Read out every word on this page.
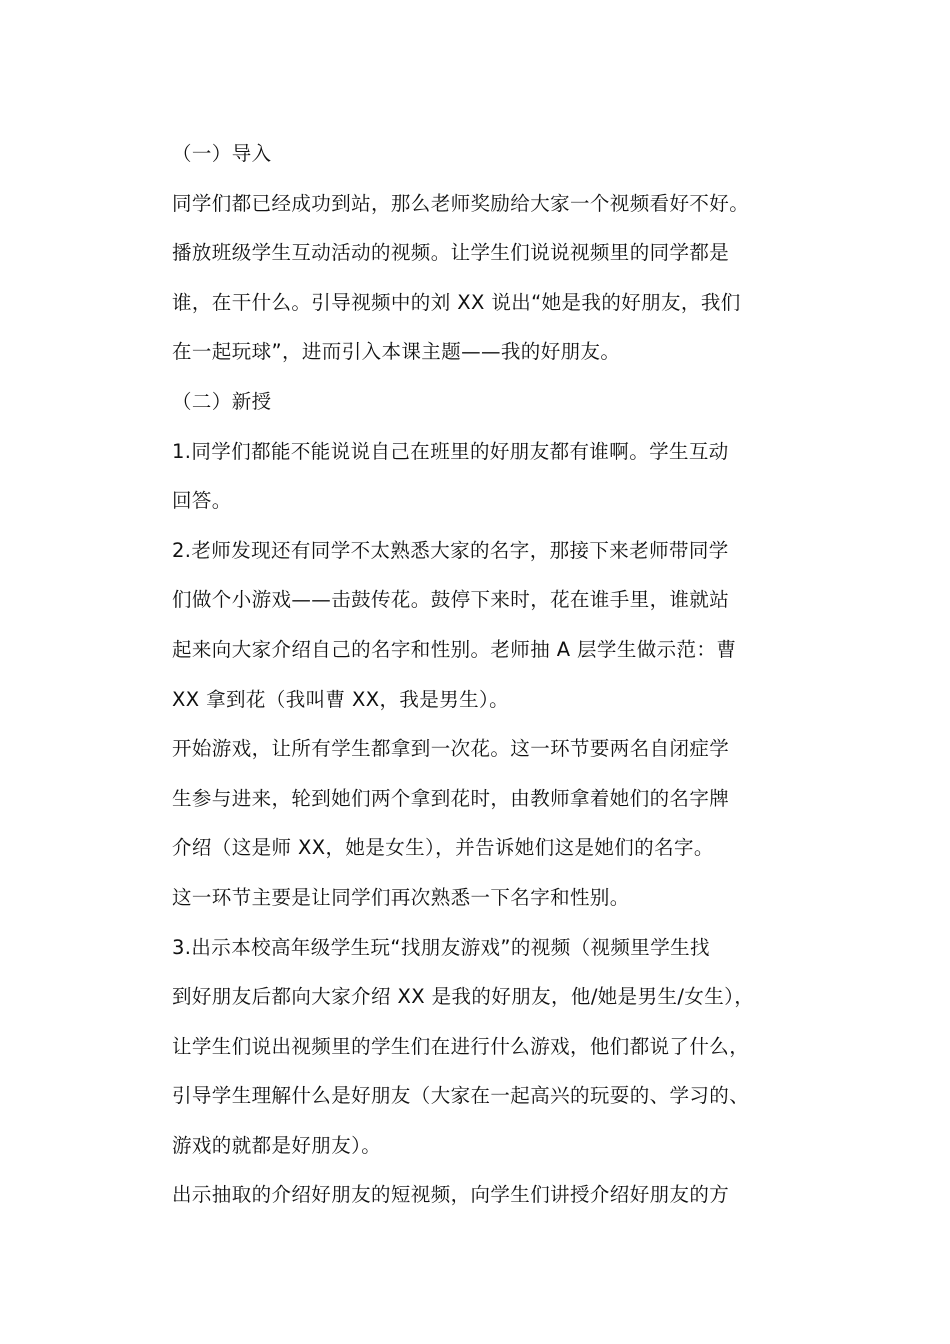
（一）导入
同学们都已经成功到站，那么老师奖励给大家一个视频看好不好。
播放班级学生互动活动的视频。让学生们说说视频里的同学都是
谁，在干什么。引导视频中的刘 XX 说出“她是我的好朋友，我们
在一起玩球”，进而引入本课主题——我的好朋友。
（二）新授
1.同学们都能不能说说自己在班里的好朋友都有谁啊。学生互动
回答。
2.老师发现还有同学不太熟悉大家的名字，那接下来老师带同学
们做个小游戏——击鼓传花。鼓停下来时，花在谁手里，谁就站
起来向大家介绍自己的名字和性别。老师抽 A 层学生做示范：曹
XX 拿到花（我叫曹 XX，我是男生）。
开始游戏，让所有学生都拿到一次花。这一环节要两名自闭症学
生参与进来，轮到她们两个拿到花时，由教师拿着她们的名字牌
介绍（这是师 XX，她是女生），并告诉她们这是她们的名字。
这一环节主要是让同学们再次熟悉一下名字和性别。
3.出示本校高年级学生玩“找朋友游戏”的视频（视频里学生找
到好朋友后都向大家介绍 XX 是我的好朋友，他/她是男生/女生），
让学生们说出视频里的学生们在进行什么游戏，他们都说了什么，
引导学生理解什么是好朋友（大家在一起高兴的玩耍的、学习的、
游戏的就都是好朋友）。
出示抽取的介绍好朋友的短视频，向学生们讲授介绍好朋友的方
